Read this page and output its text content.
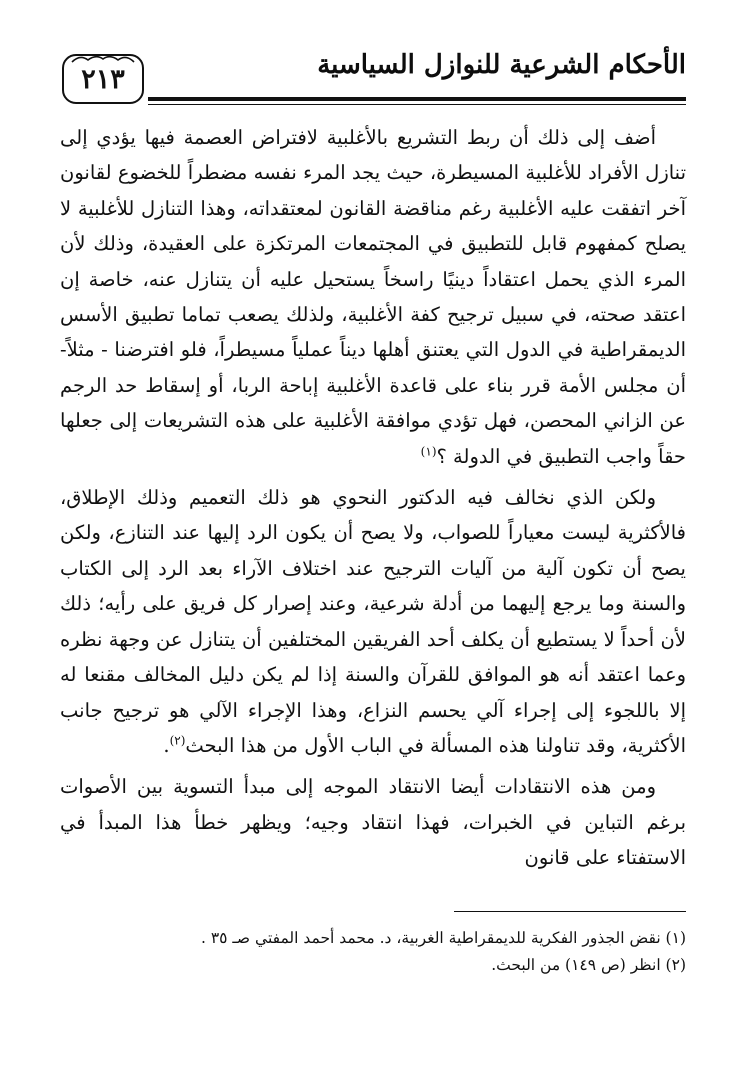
الأحكام الشرعية للنوازل السياسية
٢١٣

أضف إلى ذلك أن ربط التشريع بالأغلبية لافتراض العصمة فيها يؤدي إلى تنازل الأفراد للأغلبية المسيطرة، حيث يجد المرء نفسه مضطراً للخضوع لقانون آخر اتفقت عليه الأغلبية رغم مناقضة القانون لمعتقداته، وهذا التنازل للأغلبية لا يصلح كمفهوم قابل للتطبيق في المجتمعات المرتكزة على العقيدة، وذلك لأن المرء الذي يحمل اعتقاداً دينيًا راسخاً يستحيل عليه أن يتنازل عنه، خاصة إن اعتقد صحته، في سبيل ترجيح كفة الأغلبية، ولذلك يصعب تماما تطبيق الأسس الديمقراطية في الدول التي يعتنق أهلها ديناً عملياً مسيطراً، فلو افترضنا - مثلاً- أن مجلس الأمة قرر بناء على قاعدة الأغلبية إباحة الربا، أو إسقاط حد الرجم عن الزاني المحصن، فهل تؤدي موافقة الأغلبية على هذه التشريعات إلى جعلها حقاً واجب التطبيق في الدولة ؟$^{(١)}$

ولكن الذي نخالف فيه الدكتور النحوي هو ذلك التعميم وذلك الإطلاق، فالأكثرية ليست معياراً للصواب، ولا يصح أن يكون الرد إليها عند التنازع، ولكن يصح أن تكون آلية من آليات الترجيح عند اختلاف الآراء بعد الرد إلى الكتاب والسنة وما يرجع إليهما من أدلة شرعية، وعند إصرار كل فريق على رأيه؛ ذلك لأن أحداً لا يستطيع أن يكلف أحد الفريقين المختلفين أن يتنازل عن وجهة نظره وعما اعتقد أنه هو الموافق للقرآن والسنة إذا لم يكن دليل المخالف مقنعا له إلا باللجوء إلى إجراء آلي يحسم النزاع، وهذا الإجراء الآلي هو ترجيح جانب الأكثرية، وقد تناولنا هذه المسألة في الباب الأول من هذا البحث$^{(٢)}$.

ومن هذه الانتقادات أيضا الانتقاد الموجه إلى مبدأ التسوية بين الأصوات برغم التباين في الخبرات، فهذا انتقاد وجيه؛ ويظهر خطأ هذا المبدأ في الاستفتاء على قانون

(١) نقض الجذور الفكرية للديمقراطية الغربية، د. محمد أحمد المفتي صـ ٣٥ .
(٢) انظر (ص ١٤٩) من البحث.
